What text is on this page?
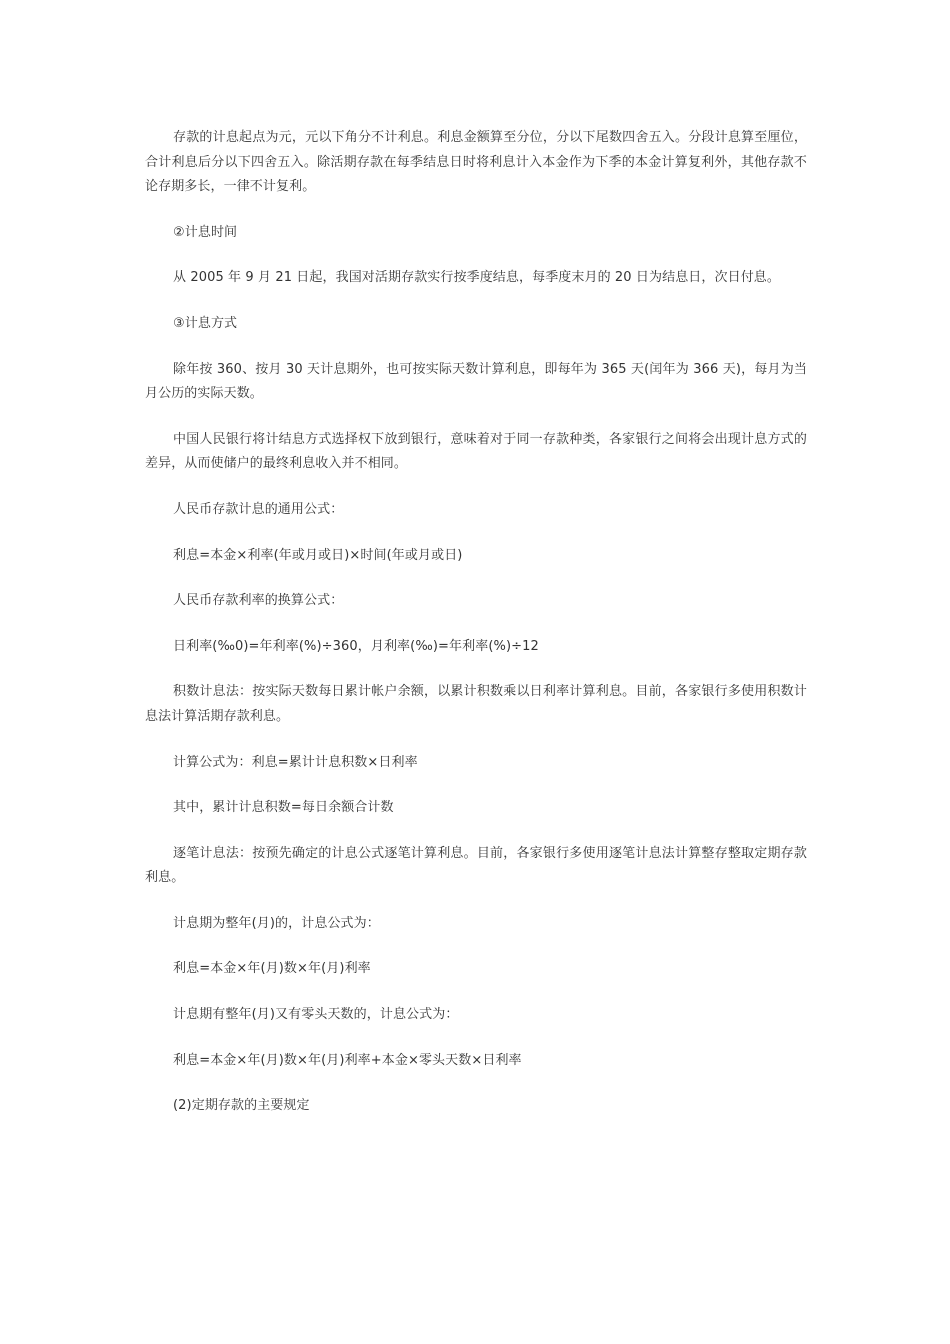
存款的计息起点为元，元以下角分不计利息。利息金额算至分位，分以下尾数四舍五入。分段计息算至厘位，合计利息后分以下四舍五入。除活期存款在每季结息日时将利息计入本金作为下季的本金计算复利外，其他存款不论存期多长，一律不计复利。

②计息时间

从 2005 年 9 月 21 日起，我国对活期存款实行按季度结息，每季度末月的 20 日为结息日，次日付息。

③计息方式

除年按 360、按月 30 天计息期外，也可按实际天数计算利息，即每年为 365 天(闰年为 366 天)，每月为当月公历的实际天数。

中国人民银行将计结息方式选择权下放到银行，意味着对于同一存款种类，各家银行之间将会出现计息方式的差异，从而使储户的最终利息收入并不相同。

人民币存款计息的通用公式：

利息=本金×利率(年或月或日)×时间(年或月或日)

人民币存款利率的换算公式：

日利率(‰0)=年利率(%)÷360，月利率(‰)=年利率(%)÷12

积数计息法：按实际天数每日累计帐户余额，以累计积数乘以日利率计算利息。目前，各家银行多使用积数计息法计算活期存款利息。

计算公式为：利息=累计计息积数×日利率

其中，累计计息积数=每日余额合计数

逐笔计息法：按预先确定的计息公式逐笔计算利息。目前，各家银行多使用逐笔计息法计算整存整取定期存款利息。

计息期为整年(月)的，计息公式为：

利息=本金×年(月)数×年(月)利率

计息期有整年(月)又有零头天数的，计息公式为：

利息=本金×年(月)数×年(月)利率+本金×零头天数×日利率

(2)定期存款的主要规定
